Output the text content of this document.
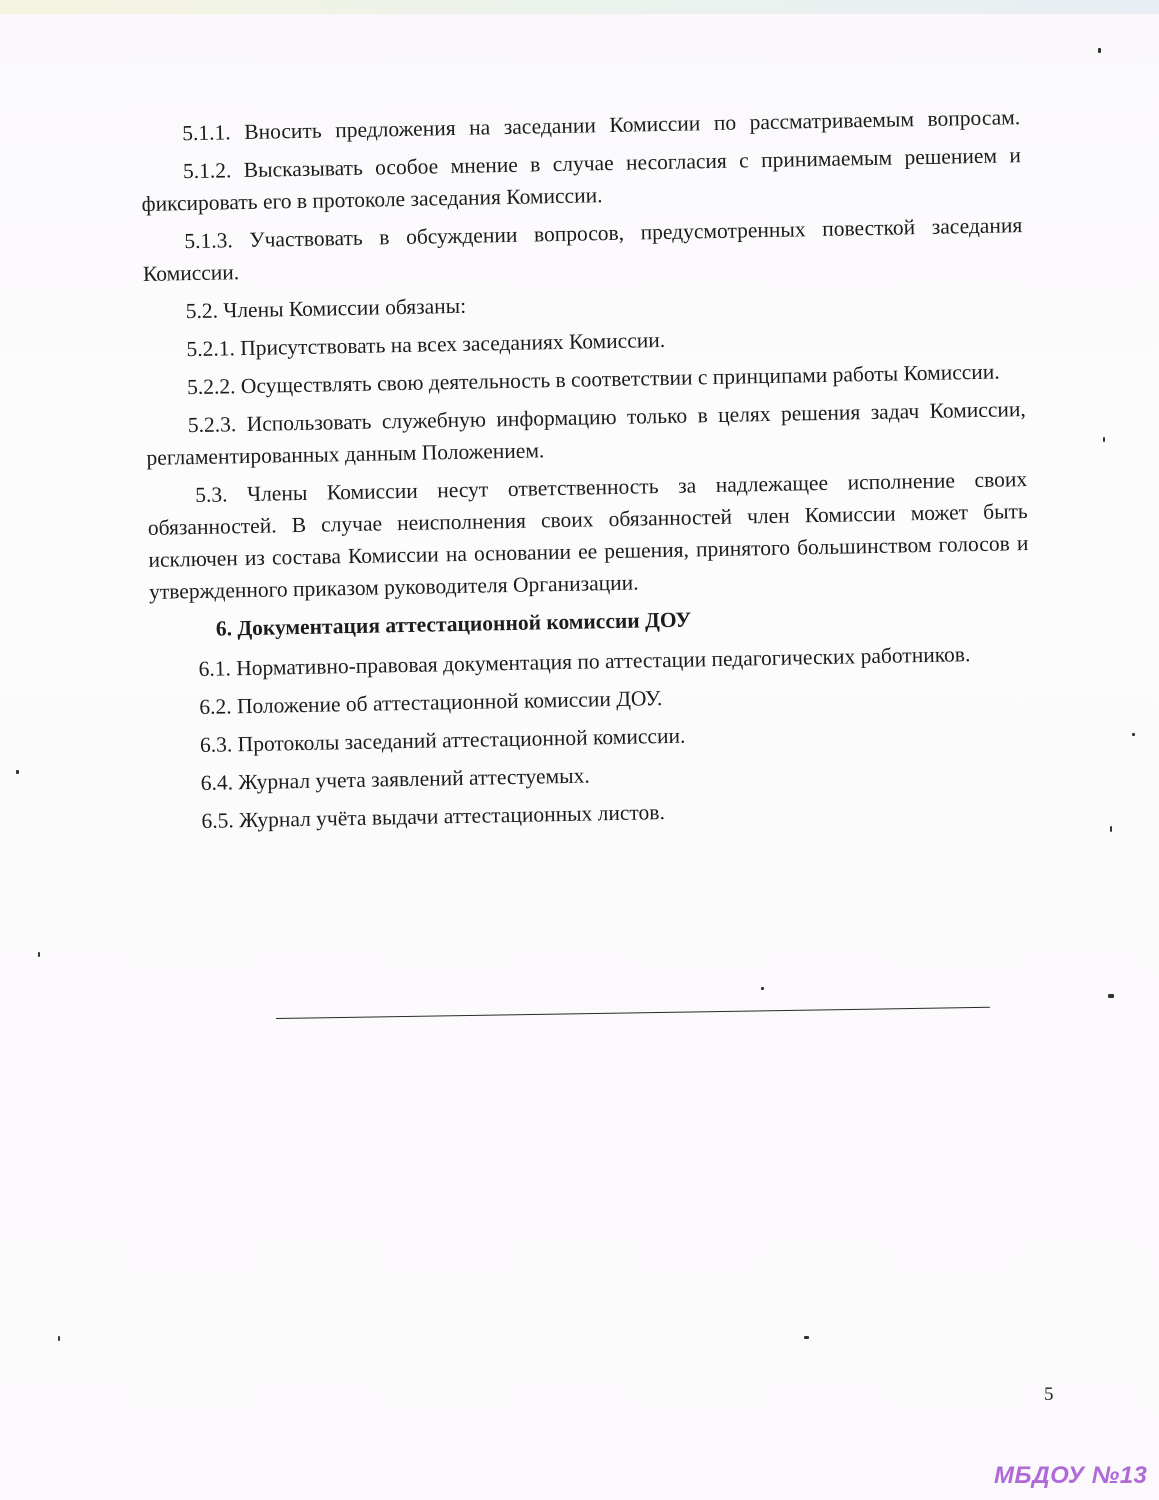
5.1.1. Вносить предложения на заседании Комиссии по рассматриваемым вопросам.

5.1.2. Высказывать особое мнение в случае несогласия с принимаемым решением и фиксировать его в протоколе заседания Комиссии.

5.1.3. Участвовать в обсуждении вопросов, предусмотренных повесткой заседания Комиссии.

5.2. Члены Комиссии обязаны:

5.2.1. Присутствовать на всех заседаниях Комиссии.

5.2.2. Осуществлять свою деятельность в соответствии с принципами работы Комиссии.

5.2.3. Использовать служебную информацию только в целях решения задач Комиссии, регламентированных данным Положением.

5.3. Члены Комиссии несут ответственность за надлежащее исполнение своих обязанностей. В случае неисполнения своих обязанностей член Комиссии может быть исключен из состава Комиссии на основании ее решения, принятого большинством голосов и утвержденного приказом руководителя Организации.

6. Документация аттестационной комиссии ДОУ

6.1. Нормативно-правовая документация по аттестации педагогических работников.

6.2. Положение об аттестационной комиссии ДОУ.

6.3. Протоколы заседаний аттестационной комиссии.

6.4. Журнал учета заявлений аттестуемых.

6.5. Журнал учёта выдачи аттестационных листов.

5
МБДОУ №13
